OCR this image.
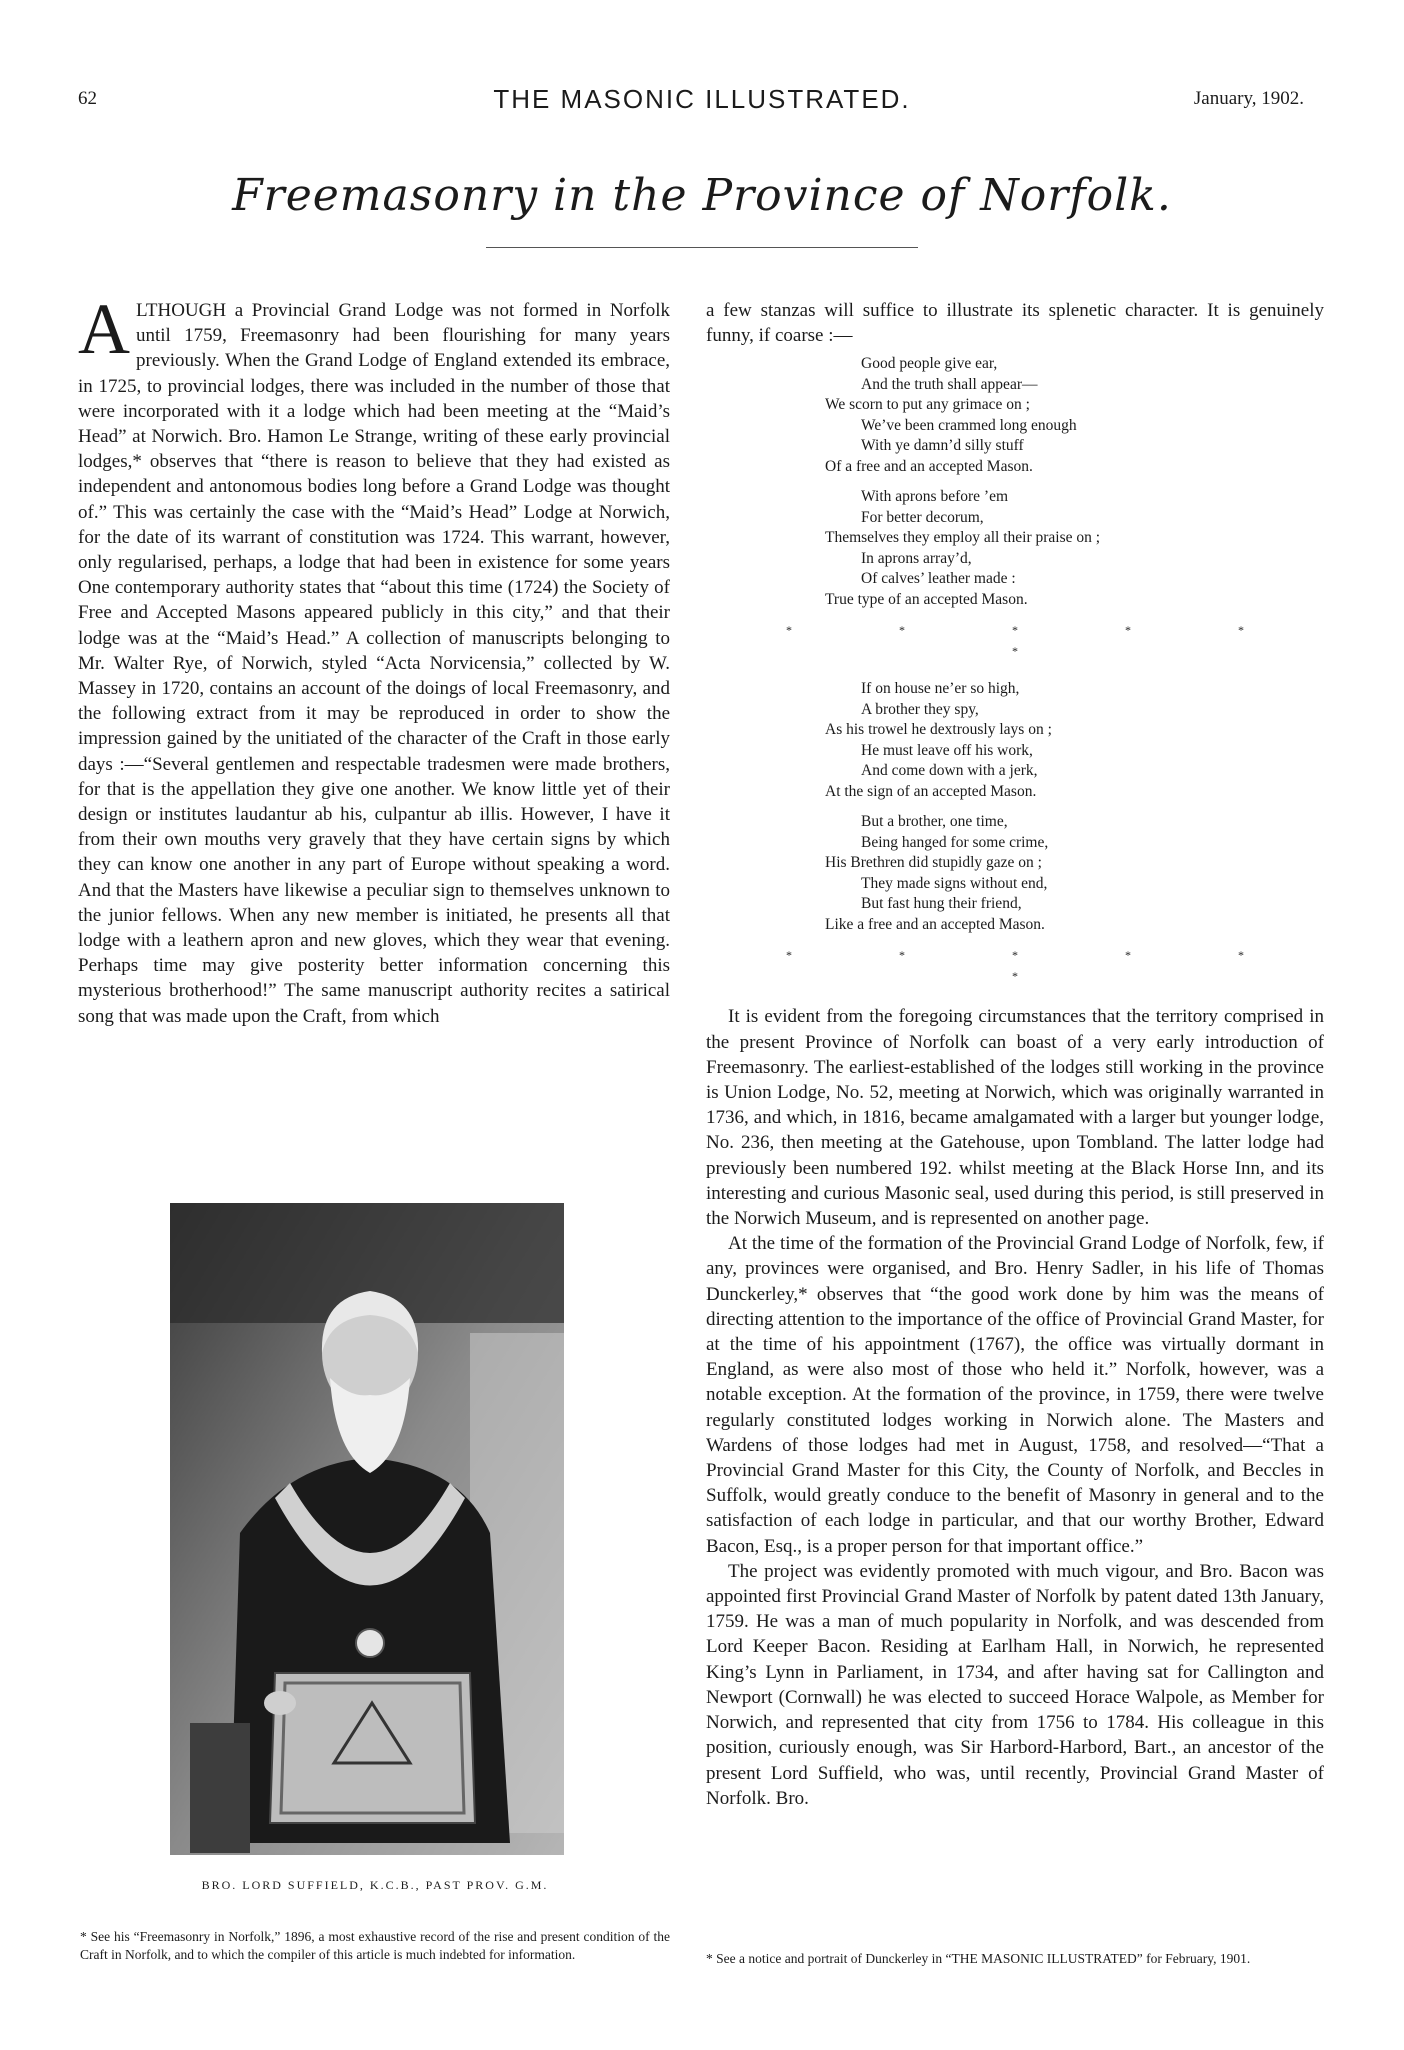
62	THE MASONIC ILLUSTRATED.	January, 1902.
Freemasonry in the Province of Norfolk.

ALTHOUGH a Provincial Grand Lodge was not formed in Norfolk until 1759, Freemasonry had been flourishing for many years previously. When the Grand Lodge of England extended its embrace, in 1725, to provincial lodges, there was included in the number of those that were incorporated with it a lodge which had been meeting at the “Maid’s Head” at Norwich. Bro. Hamon Le Strange, writing of these early provincial lodges,* observes that “there is reason to believe that they had existed as independent and antonomous bodies long before a Grand Lodge was thought of.” This was certainly the case with the “Maid’s Head” Lodge at Norwich, for the date of its warrant of constitution was 1724. This warrant, however, only regularised, perhaps, a lodge that had been in existence for some years One contemporary authority states that “about this time (1724) the Society of Free and Accepted Masons appeared publicly in this city,” and that their lodge was at the “Maid’s Head.” A collection of manuscripts belonging to Mr. Walter Rye, of Norwich, styled “Acta Norvicensia,” collected by W. Massey in 1720, contains an account of the doings of local Freemasonry, and the following extract from it may be reproduced in order to show the impression gained by the unitiated of the character of the Craft in those early days :—“Several gentlemen and respectable tradesmen were made brothers, for that is the appellation they give one another. We know little yet of their design or institutes laudantur ab his, culpantur ab illis. However, I have it from their own mouths very gravely that they have certain signs by which they can know one another in any part of Europe without speaking a word. And that the Masters have likewise a peculiar sign to themselves unknown to the junior fellows. When any new member is initiated, he presents all that lodge with a leathern apron and new gloves, which they wear that evening. Perhaps time may give posterity better information concerning this mysterious brotherhood!” The same manuscript authority recites a satirical song that was made upon the Craft, from which

a few stanzas will suffice to illustrate its splenetic character. It is genuinely funny, if coarse :—

Good people give ear,
And the truth shall appear—
We scorn to put any grimace on ;
We’ve been crammed long enough
With ye damn’d silly stuff
Of a free and an accepted Mason.
With aprons before ’em
For better decorum,
Themselves they employ all their praise on ;
In aprons array’d,
Of calves’ leather made :
True type of an accepted Mason.
* * * * * *
If on house ne’er so high,
A brother they spy,
As his trowel he dextrously lays on ;
He must leave off his work,
And come down with a jerk,
At the sign of an accepted Mason.
But a brother, one time,
Being hanged for some crime,
His Brethren did stupidly gaze on ;
They made signs without end,
But fast hung their friend,
Like a free and an accepted Mason.
* * * * * *

It is evident from the foregoing circumstances that the territory comprised in the present Province of Norfolk can boast of a very early introduction of Freemasonry. The earliest-established of the lodges still working in the province is Union Lodge, No. 52, meeting at Norwich, which was originally warranted in 1736, and which, in 1816, became amalgamated with a larger but younger lodge, No. 236, then meeting at the Gatehouse, upon Tombland. The latter lodge had previously been numbered 192. whilst meeting at the Black Horse Inn, and its interesting and curious Masonic seal, used during this period, is still preserved in the Norwich Museum, and is represented on another page.

At the time of the formation of the Provincial Grand Lodge of Norfolk, few, if any, provinces were organised, and Bro. Henry Sadler, in his life of Thomas Dunckerley,* observes that “the good work done by him was the means of directing attention to the importance of the office of Provincial Grand Master, for at the time of his appointment (1767), the office was virtually dormant in England, as were also most of those who held it.” Norfolk, however, was a notable exception. At the formation of the province, in 1759, there were twelve regularly constituted lodges working in Norwich alone. The Masters and Wardens of those lodges had met in August, 1758, and resolved—“That a Provincial Grand Master for this City, the County of Norfolk, and Beccles in Suffolk, would greatly conduce to the benefit of Masonry in general and to the satisfaction of each lodge in particular, and that our worthy Brother, Edward Bacon, Esq., is a proper person for that important office.”

The project was evidently promoted with much vigour, and Bro. Bacon was appointed first Provincial Grand Master of Norfolk by patent dated 13th January, 1759. He was a man of much popularity in Norfolk, and was descended from Lord Keeper Bacon. Residing at Earlham Hall, in Norwich, he represented King’s Lynn in Parliament, in 1734, and after having sat for Callington and Newport (Cornwall) he was elected to succeed Horace Walpole, as Member for Norwich, and represented that city from 1756 to 1784. His colleague in this position, curiously enough, was Sir Harbord-Harbord, Bart., an ancestor of the present Lord Suffield, who was, until recently, Provincial Grand Master of Norfolk. Bro.

BRO. LORD SUFFIELD, K.C.B., PAST PROV. G.M.
* See his “Freemasonry in Norfolk,” 1896, a most exhaustive record of the rise and present condition of the Craft in Norfolk, and to which the compiler of this article is much indebted for information.	* See a notice and portrait of Dunckerley in “THE MASONIC ILLUSTRATED” for February, 1901.
